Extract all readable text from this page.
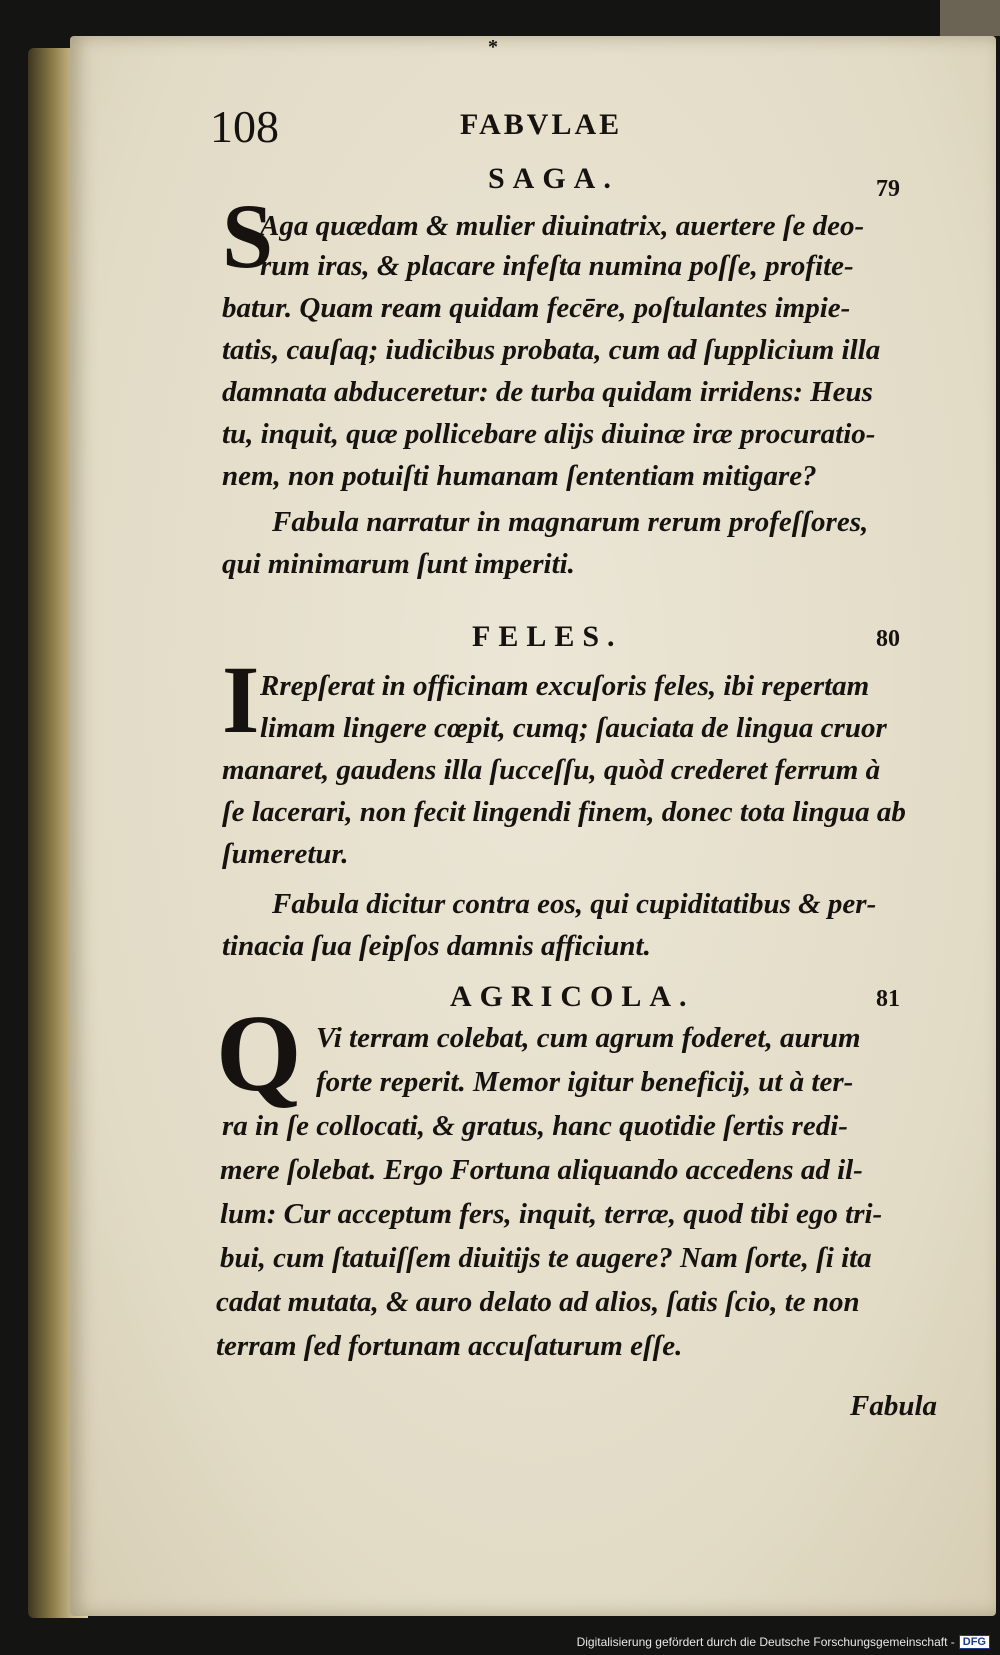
*
108	FABVLAE
SAGA.	79
S
Aga quædam & mulier diuinatrix, auertere ſe deo-
rum iras, & placare infeſta numina poſſe, profite-
batur. Quam ream quidam fecēre, poſtulantes impie-
tatis, cauſaq; iudicibus probata, cum ad ſupplicium illa
damnata abduceretur: de turba quidam irridens: Heus
tu, inquit, quæ pollicebare alijs diuinæ iræ procuratio-
nem, non potuiſti humanam ſententiam mitigare?
Fabula narratur in magnarum rerum profeſſores,
qui minimarum ſunt imperiti.
FELES.	80
I Rrepſerat in officinam excuſoris feles, ibi repertam
limam lingere cœpit, cumq; ſauciata de lingua cruor
manaret, gaudens illa ſucceſſu, quòd crederet ferrum à
ſe lacerari, non fecit lingendi finem, donec tota lingua ab
ſumeretur.
Fabula dicitur contra eos, qui cupiditatibus & per-
tinacia ſua ſeipſos damnis afficiunt.
AGRICOLA.	81
Q Vi terram colebat, cum agrum foderet, aurum
forte reperit. Memor igitur beneficij, ut à ter-
ra in ſe collocati, & gratus, hanc quotidie ſertis redi-
mere ſolebat. Ergo Fortuna aliquando accedens ad il-
lum: Cur acceptum fers, inquit, terræ, quod tibi ego tri-
bui, cum ſtatuiſſem diuitijs te augere? Nam ſorte, ſi ita
cadat mutata, & auro delato ad alios, ſatis ſcio, te non
terram ſed fortunam accuſaturum eſſe.
Fabula
Digitalisierung gefördert durch die Deutsche Forschungsgemeinschaft - DFG
